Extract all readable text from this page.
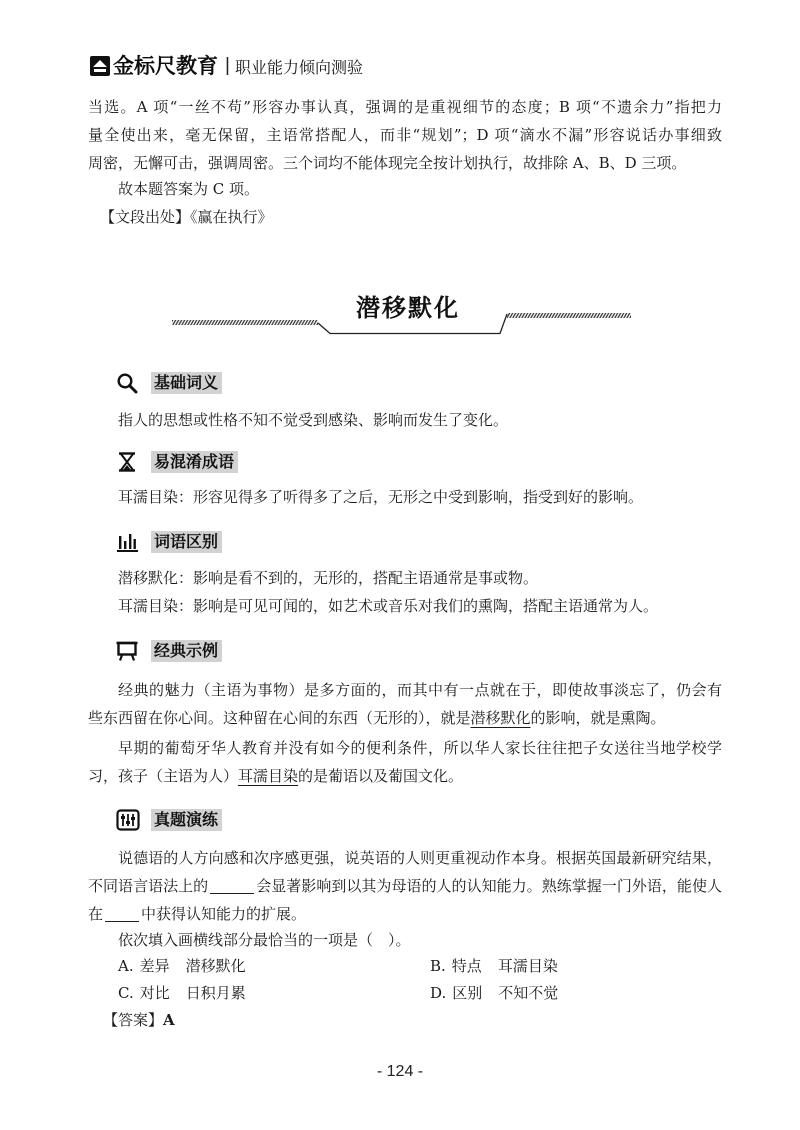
金标尺教育 | 职业能力倾向测验
当选。A 项“一丝不苟”形容办事认真，强调的是重视细节的态度；B 项“不遗余力”指把力
量全使出来，毫无保留，主语常搭配人，而非“规划”；D 项“滴水不漏”形容说话办事细致
周密，无懈可击，强调周密。三个词均不能体现完全按计划执行，故排除 A、B、D 三项。
故本题答案为 C 项。
【文段出处】《赢在执行》
潜移默化
基础词义
指人的思想或性格不知不觉受到感染、影响而发生了变化。
易混淆成语
耳濡目染：形容见得多了听得多了之后，无形之中受到影响，指受到好的影响。
词语区别
潜移默化：影响是看不到的，无形的，搭配主语通常是事或物。
耳濡目染：影响是可见可闻的，如艺术或音乐对我们的熏陶，搭配主语通常为人。
经典示例
经典的魅力（主语为事物）是多方面的，而其中有一点就在于，即使故事淡忘了，仍会有
些东西留在你心间。这种留在心间的东西（无形的），就是潜移默化的影响，就是熏陶。
早期的葡萄牙华人教育并没有如今的便利条件，所以华人家长往往把子女送往当地学校学
习，孩子（主语为人）耳濡目染的是葡语以及葡国文化。
真题演练
说德语的人方向感和次序感更强，说英语的人则更重视动作本身。根据英国最新研究结果，
不同语言语法上的	会显著影响到以其为母语的人的认知能力。熟练掌握一门外语，能使人
在	中获得认知能力的扩展。
依次填入画横线部分最恰当的一项是（　）。
A. 差异 潜移默化	B. 特点 耳濡目染
C. 对比 日积月累	D. 区别 不知不觉
【答案】A
- 124 -
